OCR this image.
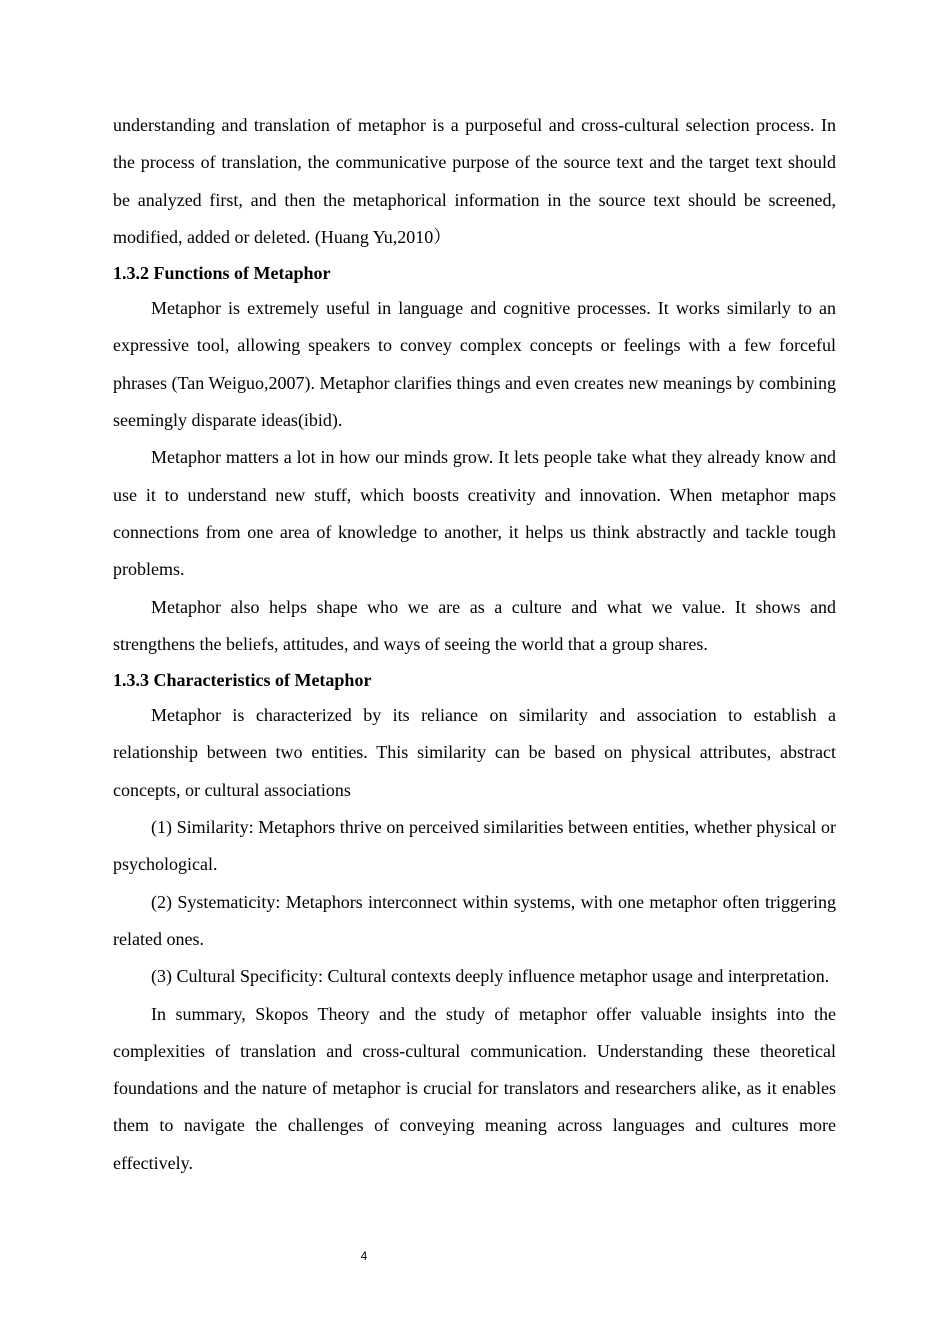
understanding and translation of metaphor is a purposeful and cross-cultural selection process. In the process of translation, the communicative purpose of the source text and the target text should be analyzed first, and then the metaphorical information in the source text should be screened, modified, added or deleted. (Huang Yu,2010）

1.3.2 Functions of Metaphor

Metaphor is extremely useful in language and cognitive processes. It works similarly to an expressive tool, allowing speakers to convey complex concepts or feelings with a few forceful phrases (Tan Weiguo,2007). Metaphor clarifies things and even creates new meanings by combining seemingly disparate ideas(ibid).

Metaphor matters a lot in how our minds grow. It lets people take what they already know and use it to understand new stuff, which boosts creativity and innovation. When metaphor maps connections from one area of knowledge to another, it helps us think abstractly and tackle tough problems.

Metaphor also helps shape who we are as a culture and what we value. It shows and strengthens the beliefs, attitudes, and ways of seeing the world that a group shares.

1.3.3 Characteristics of Metaphor

Metaphor is characterized by its reliance on similarity and association to establish a relationship between two entities. This similarity can be based on physical attributes, abstract concepts, or cultural associations

(1) Similarity: Metaphors thrive on perceived similarities between entities, whether physical or psychological.

(2) Systematicity: Metaphors interconnect within systems, with one metaphor often triggering related ones.

(3) Cultural Specificity: Cultural contexts deeply influence metaphor usage and interpretation.

In summary, Skopos Theory and the study of metaphor offer valuable insights into the complexities of translation and cross-cultural communication. Understanding these theoretical foundations and the nature of metaphor is crucial for translators and researchers alike, as it enables them to navigate the challenges of conveying meaning across languages and cultures more effectively.

4
